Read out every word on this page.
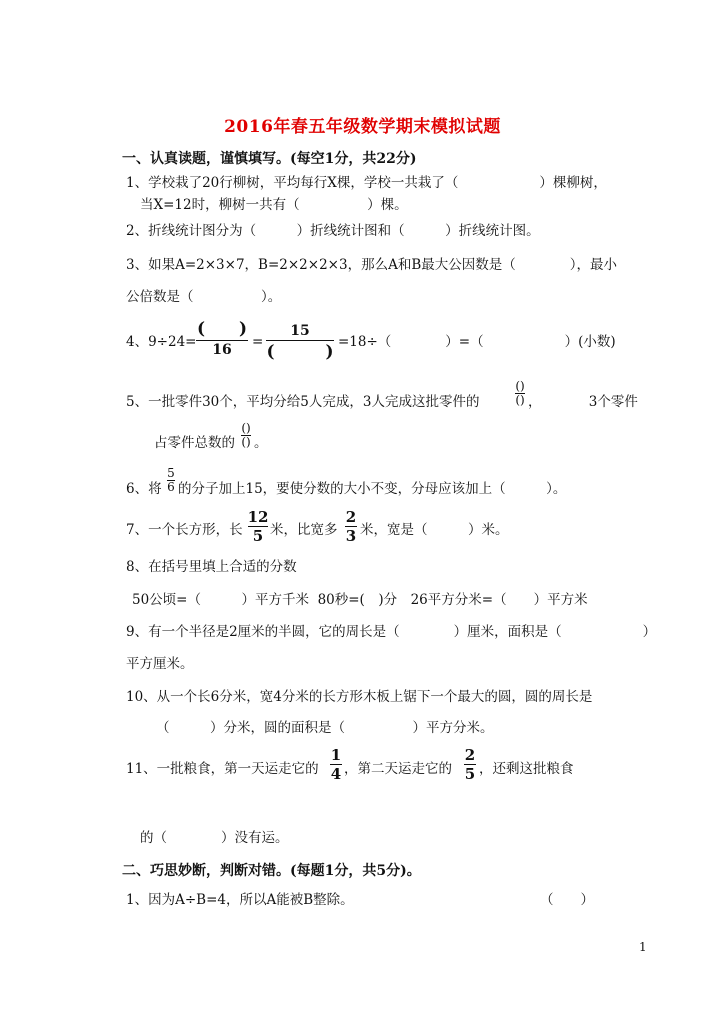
2016年春五年级数学期末模拟试题
一、认真读题，谨慎填写。(每空1分，共22分)
1、学校栽了20行柳树，平均每行X棵，学校一共栽了（　　　　　　）棵柳树，
当X=12时，柳树一共有（　　　　　）棵。
2、折线统计图分为（　　　）折线统计图和（　　　）折线统计图。
3、如果A=2×3×7，B=2×2×2×3，那么A和B最大公因数是（　　　　），最小
公倍数是（　　　　　）。
4、9÷24=
(　　)
16 =
15
(　　　) =18÷（　　　　）=（　　　　　　）(小数)
5、一批零件30个，平均分给5人完成，3人完成这批零件的
()
() ，　　　　3个零件
占零件总数的
()
() 。
6、将
5
6 的分子加上15，要使分数的大小不变，分母应该加上（　　　）。
7、一个长方形，长
12
5 米，比宽多
2
3 米，宽是（　　　）米。
8、在括号里填上合适的分数
50公顷=（　　　）平方千米  80秒=(　)分　26平方分米=（　　）平方米
9、有一个半径是2厘米的半圆，它的周长是（　　　　）厘米，面积是（　　　　　　）
平方厘米。
10、从一个长6分米，宽4分米的长方形木板上锯下一个最大的圆，圆的周长是
（　　　）分米，圆的面积是（　　　　　）平方分米。
11、一批粮食，第一天运走它的
1
4 ，第二天运走它的
2
5 ，还剩这批粮食
的（　　　　）没有运。
二、巧思妙断，判断对错。(每题1分，共5分)。
1、因为A÷B=4，所以A能被B整除。	（　　）
1
